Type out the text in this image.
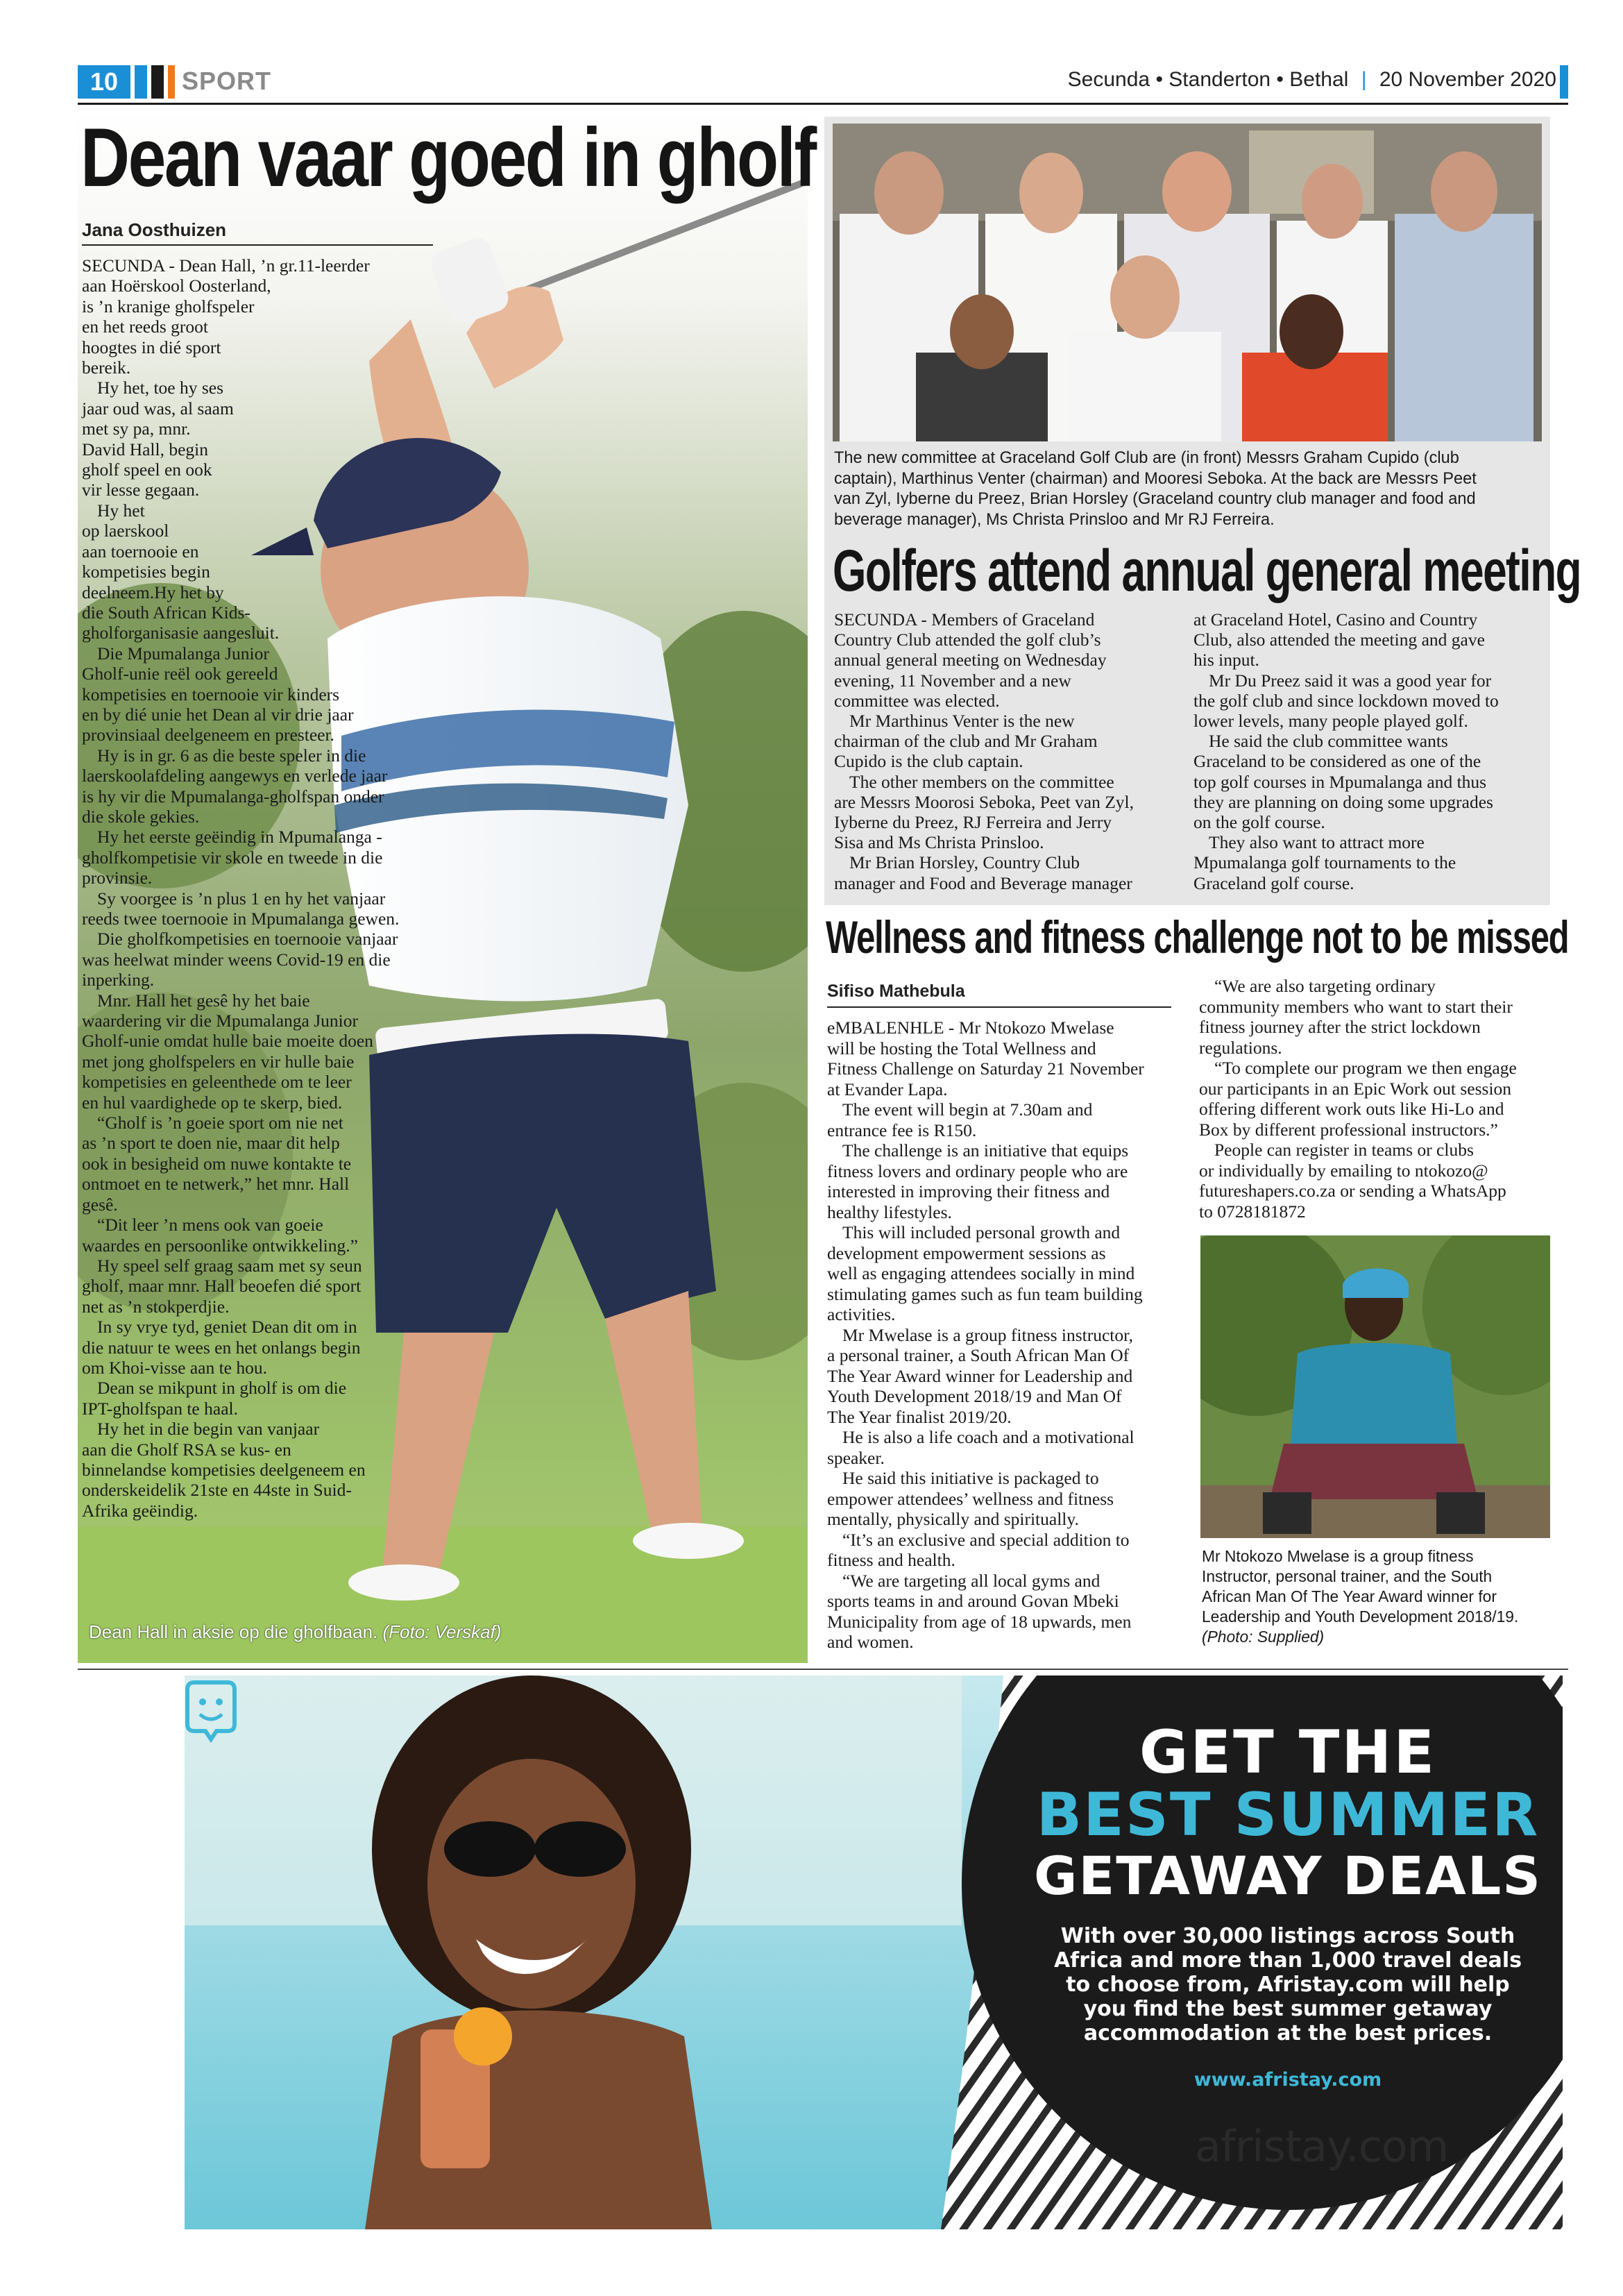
10	SPORT	Secunda • Standerton • Bethal | 20 November 2020
Dean vaar goed in gholf
Jana Oosthuizen
SECUNDA - Dean Hall, ’n gr.11-leerder
aan Hoërskool Oosterland,
is ’n kranige gholfspeler
en het reeds groot
hoogtes in dié sport
bereik.
Hy het, toe hy ses
jaar oud was, al saam
met sy pa, mnr.
David Hall, begin
gholf speel en ook
vir lesse gegaan.
Hy het
op laerskool
aan toernooie en
kompetisies begin
deelneem.Hy het by
die South African Kids-
gholforganisasie aangesluit.
Die Mpumalanga Junior
Gholf-unie reël ook gereeld
kompetisies en toernooie vir kinders
en by dié unie het Dean al vir drie jaar
provinsiaal deelgeneem en presteer.
Hy is in gr. 6 as die beste speler in die
laerskoolafdeling aangewys en verlede jaar
is hy vir die Mpumalanga-gholfspan onder
die skole gekies.
Hy het eerste geëindig in Mpumalanga -
gholfkompetisie vir skole en tweede in die
provinsie.
Sy voorgee is ’n plus 1 en hy het vanjaar
reeds twee toernooie in Mpumalanga gewen.
Die gholfkompetisies en toernooie vanjaar
was heelwat minder weens Covid-19 en die
inperking.
Mnr. Hall het gesê hy het baie
waardering vir die Mpumalanga Junior
Gholf-unie omdat hulle baie moeite doen
met jong gholfspelers en vir hulle baie
kompetisies en geleenthede om te leer
en hul vaardighede op te skerp, bied.
“Gholf is ’n goeie sport om nie net
as ’n sport te doen nie, maar dit help
ook in besigheid om nuwe kontakte te
ontmoet en te netwerk,” het mnr. Hall
gesê.
“Dit leer ’n mens ook van goeie
waardes en persoonlike ontwikkeling.”
Hy speel self graag saam met sy seun
gholf, maar mnr. Hall beoefen dié sport
net as ’n stokperdjie.
In sy vrye tyd, geniet Dean dit om in
die natuur te wees en het onlangs begin
om Khoi-visse aan te hou.
Dean se mikpunt in gholf is om die
IPT-gholfspan te haal.
Hy het in die begin van vanjaar
aan die Gholf RSA se kus- en
binnelandse kompetisies deelgeneem en
onderskeidelik 21ste en 44ste in Suid-
Afrika geëindig.
Dean Hall in aksie op die gholfbaan. (Foto: Verskaf)
The new committee at Graceland Golf Club are (in front) Messrs Graham Cupido (club
captain), Marthinus Venter (chairman) and Mooresi Seboka. At the back are Messrs Peet
van Zyl, Iyberne du Preez, Brian Horsley (Graceland country club manager and food and
beverage manager), Ms Christa Prinsloo and Mr RJ Ferreira.
Golfers attend annual general meeting
SECUNDA - Members of Graceland
Country Club attended the golf club’s
annual general meeting on Wednesday
evening, 11 November and a new
committee was elected.
Mr Marthinus Venter is the new
chairman of the club and Mr Graham
Cupido is the club captain.
The other members on the committee
are Messrs Moorosi Seboka, Peet van Zyl,
Iyberne du Preez, RJ Ferreira and Jerry
Sisa and Ms Christa Prinsloo.
Mr Brian Horsley, Country Club
manager and Food and Beverage manager
at Graceland Hotel, Casino and Country
Club, also attended the meeting and gave
his input.
Mr Du Preez said it was a good year for
the golf club and since lockdown moved to
lower levels, many people played golf.
He said the club committee wants
Graceland to be considered as one of the
top golf courses in Mpumalanga and thus
they are planning on doing some upgrades
on the golf course.
They also want to attract more
Mpumalanga golf tournaments to the
Graceland golf course.
Wellness and fitness challenge not to be missed
Sifiso Mathebula
eMBALENHLE - Mr Ntokozo Mwelase
will be hosting the Total Wellness and
Fitness Challenge on Saturday 21 November
at Evander Lapa.
The event will begin at 7.30am and
entrance fee is R150.
The challenge is an initiative that equips
fitness lovers and ordinary people who are
interested in improving their fitness and
healthy lifestyles.
This will included personal growth and
development empowerment sessions as
well as engaging attendees socially in mind
stimulating games such as fun team building
activities.
Mr Mwelase is a group fitness instructor,
a personal trainer, a South African Man Of
The Year Award winner for Leadership and
Youth Development 2018/19 and Man Of
The Year finalist 2019/20.
He is also a life coach and a motivational
speaker.
He said this initiative is packaged to
empower attendees’ wellness and fitness
mentally, physically and spiritually.
“It’s an exclusive and special addition to
fitness and health.
“We are targeting all local gyms and
sports teams in and around Govan Mbeki
Municipality from age of 18 upwards, men
and women.
“We are also targeting ordinary
community members who want to start their
fitness journey after the strict lockdown
regulations.
“To complete our program we then engage
our participants in an Epic Work out session
offering different work outs like Hi-Lo and
Box by different professional instructors.”
People can register in teams or clubs
or individually by emailing to ntokozo@
futureshapers.co.za or sending a WhatsApp
to 0728181872
Mr Ntokozo Mwelase is a group fitness
Instructor, personal trainer, and the South
African Man Of The Year Award winner for
Leadership and Youth Development 2018/19.
(Photo: Supplied)
GET THE
BEST SUMMER
GETAWAY DEALS
With over 30,000 listings across South
Africa and more than 1,000 travel deals
to choose from, Afristay.com will help
you find the best summer getaway
accommodation at the best prices.
www.afristay.com
afristay.com
